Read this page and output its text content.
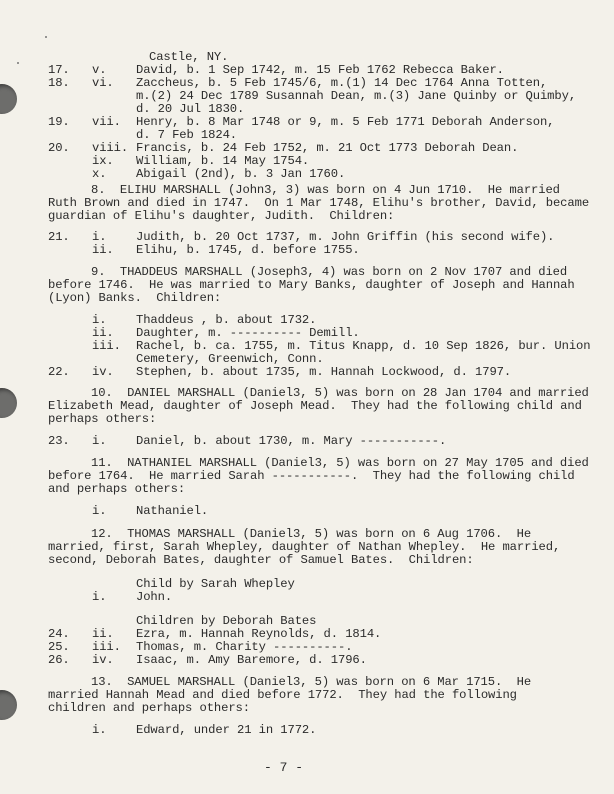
Castle, NY.
17. v. David, b. 1 Sep 1742, m. 15 Feb 1762 Rebecca Baker.
18. vi. Zaccheus, b. 5 Feb 1745/6, m.(1) 14 Dec 1764 Anna Totten,
m.(2) 24 Dec 1789 Susannah Dean, m.(3) Jane Quinby or Quimby,
d. 20 Jul 1830.
19. vii. Henry, b. 8 Mar 1748 or 9, m. 5 Feb 1771 Deborah Anderson,
d. 7 Feb 1824.
20. viii. Francis, b. 24 Feb 1752, m. 21 Oct 1773 Deborah Dean.
ix. William, b. 14 May 1754.
x. Abigail (2nd), b. 3 Jan 1760.
8.  ELIHU MARSHALL (John3, 3) was born on 4 Jun 1710.  He married
Ruth Brown and died in 1747.  On 1 Mar 1748, Elihu's brother, David, became
guardian of Elihu's daughter, Judith.  Children:
21. i. Judith, b. 20 Oct 1737, m. John Griffin (his second wife).
ii. Elihu, b. 1745, d. before 1755.
9.  THADDEUS MARSHALL (Joseph3, 4) was born on 2 Nov 1707 and died
before 1746.  He was married to Mary Banks, daughter of Joseph and Hannah
(Lyon) Banks.  Children:
i. Thaddeus , b. about 1732.
ii. Daughter, m. ---------- Demill.
iii. Rachel, b. ca. 1755, m. Titus Knapp, d. 10 Sep 1826, bur. Union
Cemetery, Greenwich, Conn.
22. iv. Stephen, b. about 1735, m. Hannah Lockwood, d. 1797.
10.  DANIEL MARSHALL (Daniel3, 5) was born on 28 Jan 1704 and married
Elizabeth Mead, daughter of Joseph Mead.  They had the following child and
perhaps others:
23. i. Daniel, b. about 1730, m. Mary -----------.
11.  NATHANIEL MARSHALL (Daniel3, 5) was born on 27 May 1705 and died
before 1764.  He married Sarah -----------.  They had the following child
and perhaps others:
i. Nathaniel.
12.  THOMAS MARSHALL (Daniel3, 5) was born on 6 Aug 1706.  He
married, first, Sarah Whepley, daughter of Nathan Whepley.  He married,
second, Deborah Bates, daughter of Samuel Bates.  Children:
Child by Sarah Whepley
i. John.
Children by Deborah Bates
24. ii. Ezra, m. Hannah Reynolds, d. 1814.
25. iii. Thomas, m. Charity ----------.
26. iv. Isaac, m. Amy Baremore, d. 1796.
13.  SAMUEL MARSHALL (Daniel3, 5) was born on 6 Mar 1715.  He
married Hannah Mead and died before 1772.  They had the following
children and perhaps others:
i. Edward, under 21 in 1772.
- 7 -
